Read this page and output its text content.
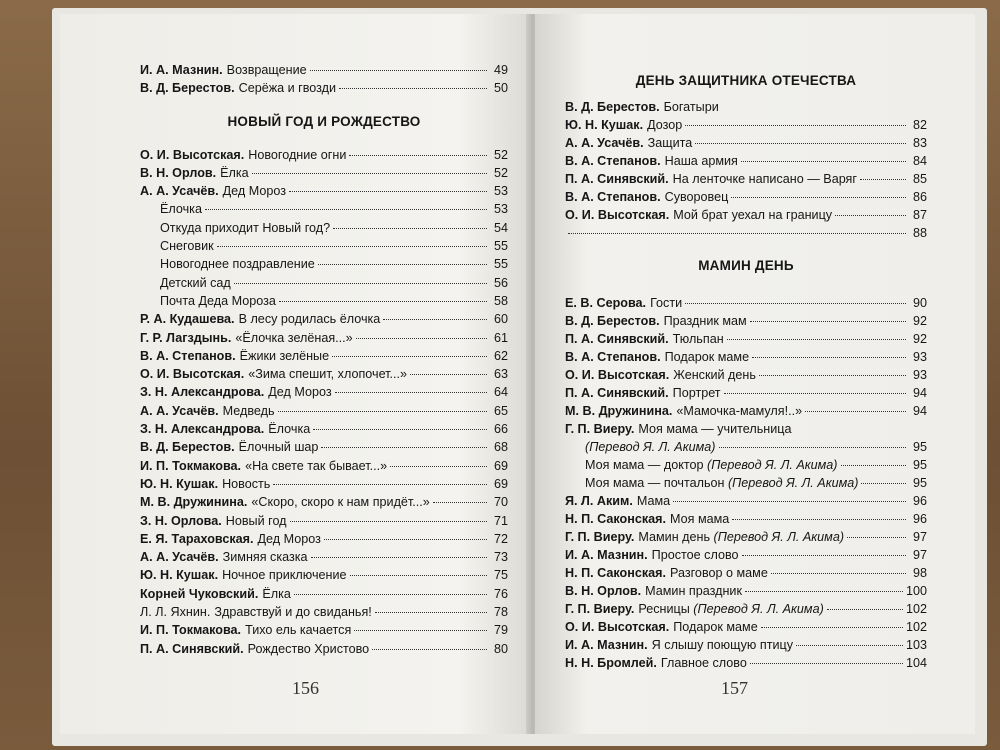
И. А. Мазнин. Возвращение	49
В. Д. Берестов. Серёжа и гвозди	50
НОВЫЙ ГОД И РОЖДЕСТВО
О. И. Высотская. Новогодние огни	52
В. Н. Орлов. Ёлка	52
А. А. Усачёв. Дед Мороз	53
Ёлочка	53
Откуда приходит Новый год?	54
Снеговик	55
Новогоднее поздравление	55
Детский сад	56
Почта Деда Мороза	58
Р. А. Кудашева. В лесу родилась ёлочка	60
Г. Р. Лагздынь. «Ёлочка зелёная...»	61
В. А. Степанов. Ёжики зелёные	62
О. И. Высотская. «Зима спешит, хлопочет...»	63
З. Н. Александрова. Дед Мороз	64
А. А. Усачёв. Медведь	65
З. Н. Александрова. Ёлочка	66
В. Д. Берестов. Ёлочный шар	68
И. П. Токмакова. «На свете так бывает...»	69
Ю. Н. Кушак. Новость	69
М. В. Дружинина. «Скоро, скоро к нам придёт...»	70
З. Н. Орлова. Новый год	71
Е. Я. Тараховская. Дед Мороз	72
А. А. Усачёв. Зимняя сказка	73
Ю. Н. Кушак. Ночное приключение	75
Корней Чуковский. Ёлка	76
Л. Л. Яхнин. Здравствуй и до свиданья!	78
И. П. Токмакова. Тихо ель качается	79
П. А. Синявский. Рождество Христово	80
156
ДЕНЬ ЗАЩИТНИКА ОТЕЧЕСТВА
В. Д. Берестов. Богатыри
Ю. Н. Кушак. Дозор	82
А. А. Усачёв. Защита	83
В. А. Степанов. Наша армия	84
П. А. Синявский. На ленточке написано — Варяг	85
В. А. Степанов. Суворовец	86
О. И. Высотская. Мой брат уехал на границу	87
88
МАМИН ДЕНЬ
Е. В. Серова. Гости	90
В. Д. Берестов. Праздник мам	92
П. А. Синявский. Тюльпан	92
В. А. Степанов. Подарок маме	93
О. И. Высотская. Женский день	93
П. А. Синявский. Портрет	94
М. В. Дружинина. «Мамочка-мамуля!..»	94
Г. П. Виеру. Моя мама — учительница
(Перевод Я. Л. Акима)	95
Моя мама — доктор (Перевод Я. Л. Акима)	95
Моя мама — почтальон (Перевод Я. Л. Акима)	95
Я. Л. Аким. Мама	96
Н. П. Саконская. Моя мама	96
Г. П. Виеру. Мамин день (Перевод Я. Л. Акима)	97
И. А. Мазнин. Простое слово	97
Н. П. Саконская. Разговор о маме	98
В. Н. Орлов. Мамин праздник	100
Г. П. Виеру. Ресницы (Перевод Я. Л. Акима)	102
О. И. Высотская. Подарок маме	102
И. А. Мазнин. Я слышу поющую птицу	103
Н. Н. Бромлей. Главное слово	104
157
